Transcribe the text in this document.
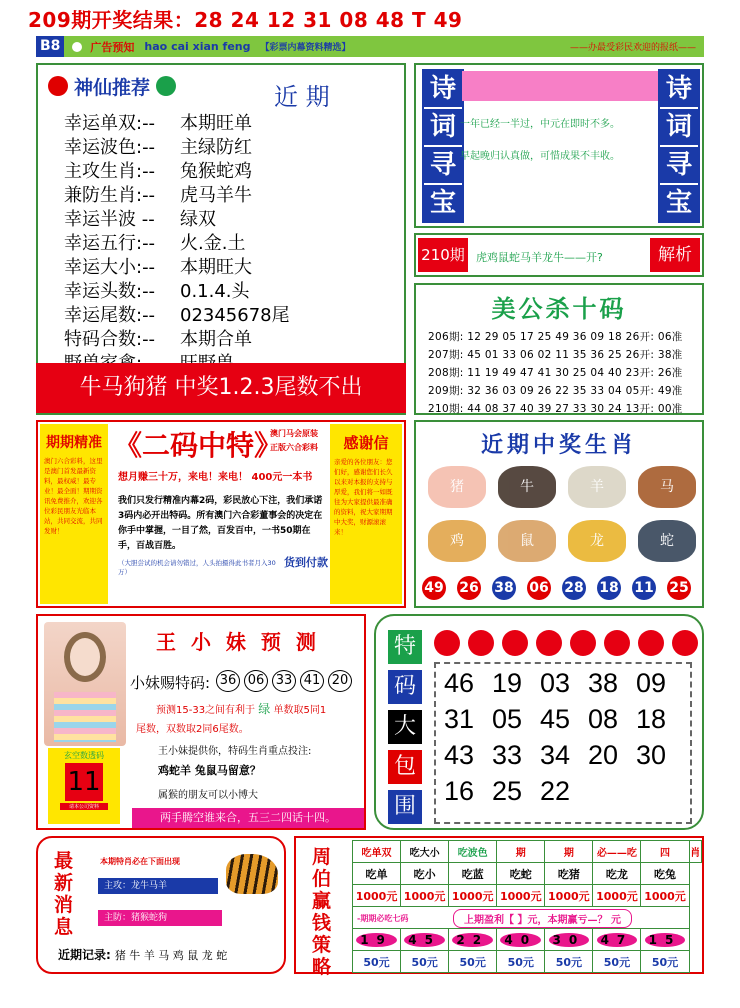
209期开奖结果：28 24 12 31 08 48 T 49
B8	广告预知 hao cai xian feng 【彩票内幕资料精选】	——办最受彩民欢迎的报纸——
神仙推荐	近 期
幸运单双:-- 本期旺单
幸运波色:-- 主绿防红
主攻生肖:-- 兔猴蛇鸡
兼防生肖:-- 虎马羊牛
幸运半波 -- 绿双
幸运五行:-- 火.金.土
幸运大小:-- 本期旺大
幸运头数:-- 0.1.4.头
幸运尾数:-- 02345678尾
特码合数:-- 本期合单
牛马狗猪 中奖1.2.3尾数不出
诗
词
寻
宝
一年已经一半过，中元在即时不多。
早起晚归认真做，可惜成果不丰收。
诗
词
寻
宝
210期 虎鸡鼠蛇马羊龙牛——开?	解析
美公杀十码
206期: 12 29 05 17 25 49 36 09 18 26开: 06准
207期: 45 01 33 06 02 11 35 36 25 26开: 38准
208期: 11 19 49 47 41 30 25 04 40 23开: 26准
209期: 32 36 03 09 26 22 35 33 04 05开: 49准
210期: 44 08 37 40 39 27 33 30 24 13开: 00准
期期精准
澳门六合彩料，这里是澳门首发最新资料，最权威！最专业！最全面！期期资讯免费推介，欢迎各位彩民朋友光临本站，共同交流，共同发财！
《二码中特》
澳门马会原装
正版六合彩料
想月赚三十万，来电！来电！ 400元一本书
我们只发行精准内幕2码，彩民放心下注，我们承诺3码内必开出特码。所有澳门六合彩董事会的决定在你手中掌握，一目了然，百发百中，一书50期在手，百战百胜。
（大胆尝试的机会请勿错过，人头拍摄得此书者月入30万）
货到付款
感谢信
亲爱的各位朋友：您们好，感谢您们长久以来对本报的支持与厚爱，我们将一如既往为大家提供最准确的资料，祝大家期期中大奖，财源滚滚来！
近期中奖生肖
猪	牛	羊	马
鸡	鼠	龙	蛇
49 26 38 06 28 18 11 25
王 小 妹 预 测
小妹赐特码: 36 06 33 41 20
预测15-33之间有利于 绿 单数取5同1
尾数，双数取2同6尾数。
玄空数透码
11
请本公司资料
王小妹提供你，特码生肖重点投注:
鸡蛇羊 兔鼠马留意？
属猴的朋友可以小博大
两手腾空谁来合，五三二四话十四。
特
码
大
包
围
46 19 03 38 09
31 05 45 08 18
43 33 34 20 30
16 25 22
最
新
消
息
本期特肖必在下面出现
主攻：龙牛马羊
主防：猪猴蛇狗
近期记录: 猪 牛 羊 马 鸡 鼠 龙 蛇
周
伯
赢
钱
策
略
吃单双	吃大小	吃波色	期	期	必——吃	四	肖
吃单	吃小	吃蓝	吃蛇	吃猪	吃龙	吃兔	
1000元	1000元	1000元	1000元	1000元	1000元	1000元	
-期期必吃七码 上期盈利【 】元，本期赢亏—？ 元							

19	45	22	40	30	47	15	
50元	50元	50元	50元	50元	50元	50元	
